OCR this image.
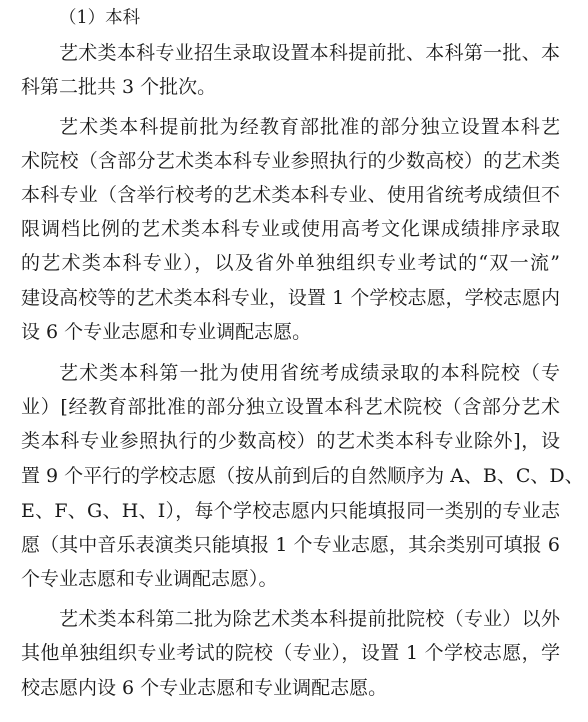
（1）本科
艺术类本科专业招生录取设置本科提前批、本科第一批、本
科第二批共 3 个批次。
艺术类本科提前批为经教育部批准的部分独立设置本科艺
术院校（含部分艺术类本科专业参照执行的少数高校）的艺术类
本科专业（含举行校考的艺术类本科专业、使用省统考成绩但不
限调档比例的艺术类本科专业或使用高考文化课成绩排序录取
的艺术类本科专业），以及省外单独组织专业考试的“双一流”
建设高校等的艺术类本科专业，设置 1 个学校志愿，学校志愿内
设 6 个专业志愿和专业调配志愿。
艺术类本科第一批为使用省统考成绩录取的本科院校（专
业）[经教育部批准的部分独立设置本科艺术院校（含部分艺术
类本科专业参照执行的少数高校）的艺术类本科专业除外]，设
置 9 个平行的学校志愿（按从前到后的自然顺序为 A、B、C、D、
E、F、G、H、I），每个学校志愿内只能填报同一类别的专业志
愿（其中音乐表演类只能填报 1 个专业志愿，其余类别可填报 6
个专业志愿和专业调配志愿）。
艺术类本科第二批为除艺术类本科提前批院校（专业）以外
其他单独组织专业考试的院校（专业），设置 1 个学校志愿，学
校志愿内设 6 个专业志愿和专业调配志愿。
